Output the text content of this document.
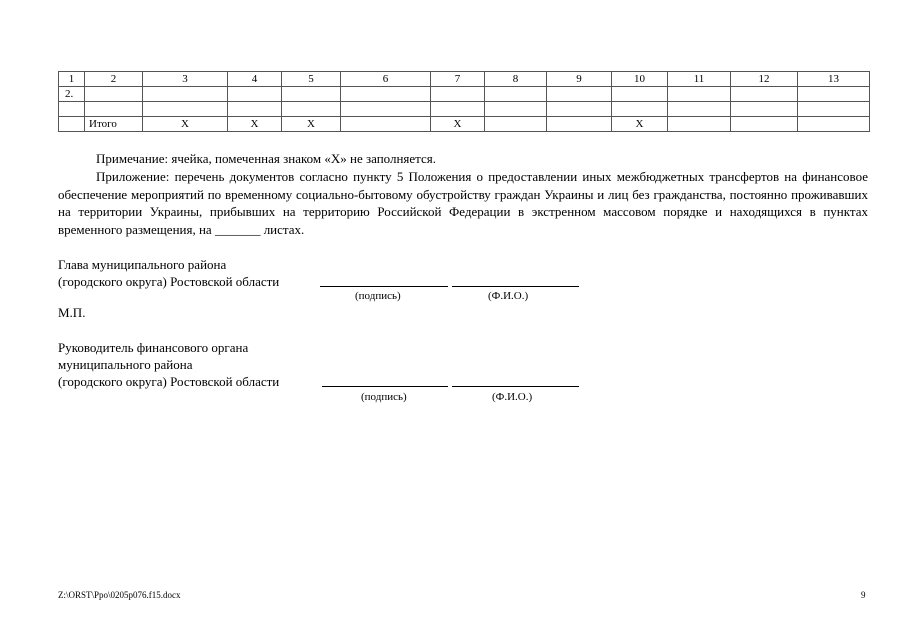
1	2	3	4	5	6	7	8	9	10	11	12	13
2.												

	Итого	X	X	X		X			X			
Примечание: ячейка, помеченная знаком «Х» не заполняется.
Приложение: перечень документов согласно пункту 5 Положения о предоставлении иных межбюджетных трансфертов на финансовое обеспечение мероприятий по временному социально-бытовому обустройству граждан Украины и лиц без гражданства, постоянно проживавших на территории Украины, прибывших на территорию Российской Федерации в экстренном массовом порядке и находящихся в пунктах временного размещения, на _______ листах.
Глава муниципального района
(городского округа) Ростовской области
(подпись)	(Ф.И.О.)
М.П.
Руководитель финансового органа
муниципального района
(городского округа) Ростовской области
(подпись)	(Ф.И.О.)
Z:\ORST\Ppo\0205p076.f15.docx	9
